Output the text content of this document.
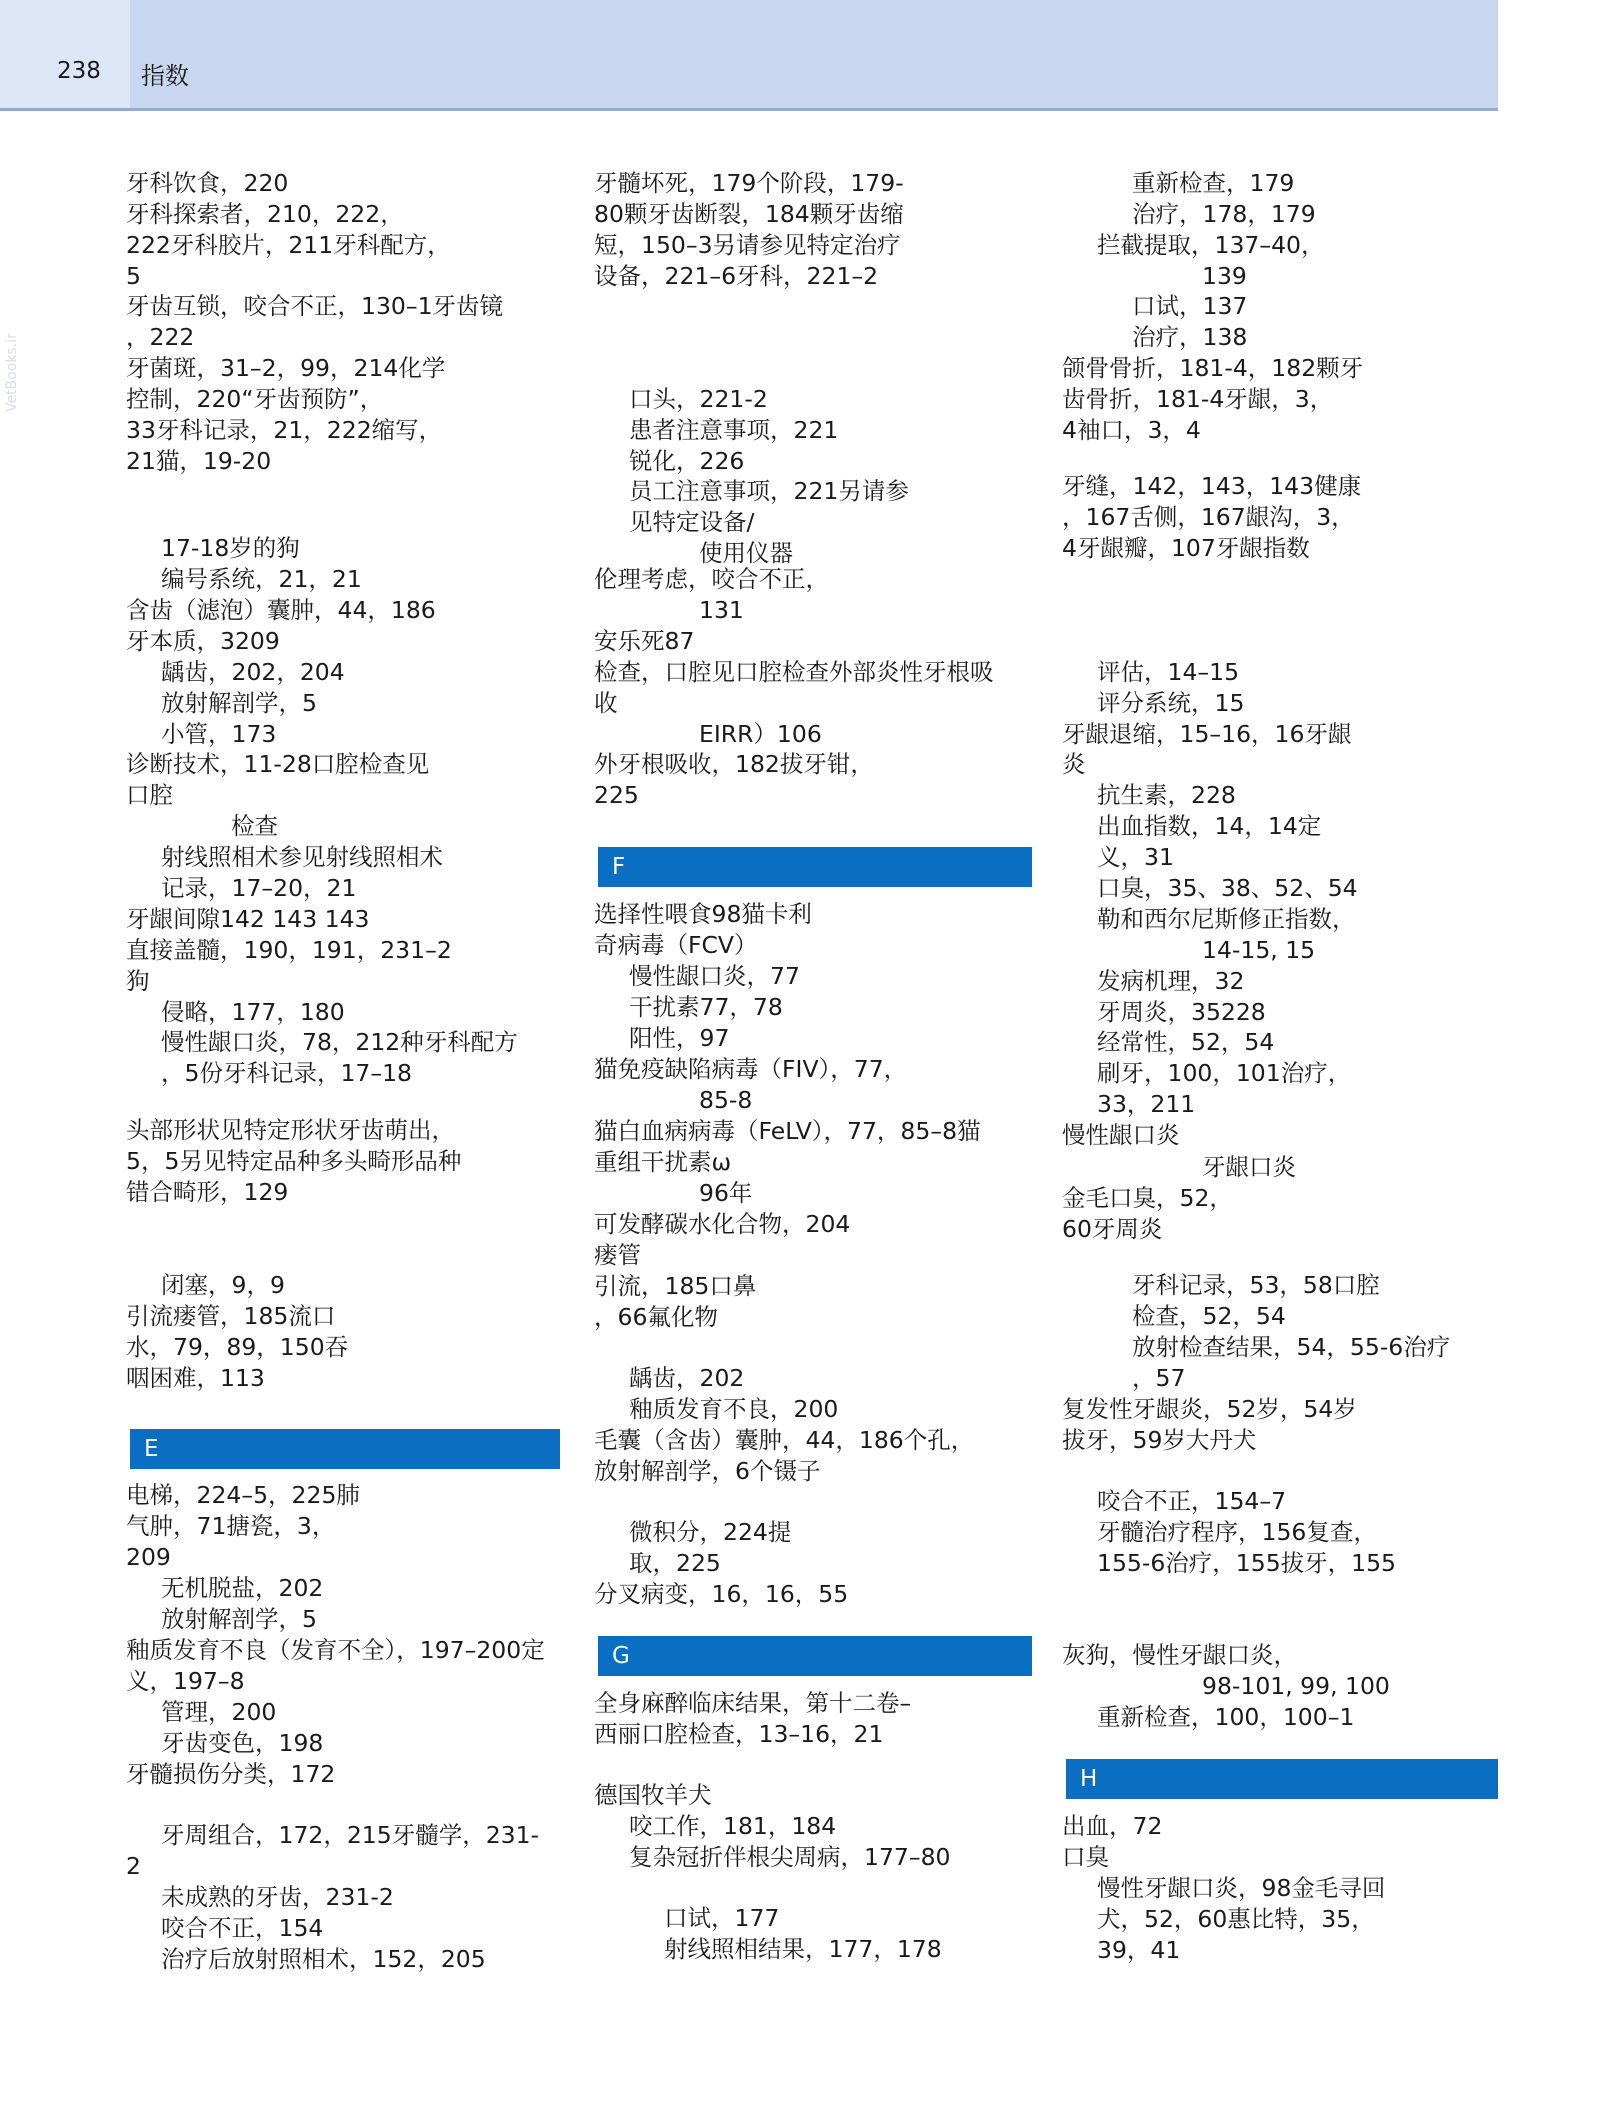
238 指数
VetBooks.ir
牙科饮食，220
牙科探索者，210，222，
222牙科胶片，211牙科配方，
5
牙齿互锁，咬合不正，130–1牙齿镜
，222
牙菌斑，31–2，99，214化学
控制，220“牙齿预防”，
33牙科记录，21，222缩写，
21猫，19-20
17-18岁的狗
编号系统，21，21
含齿（滤泡）囊肿，44，186
牙本质，3209
龋齿，202，204
放射解剖学，5
小管，173
诊断技术，11-28口腔检查见
口腔
检查
射线照相术参见射线照相术
记录，17–20，21
牙龈间隙142 143 143
直接盖髓，190，191，231–2
狗
侵略，177，180
慢性龈口炎，78，212种牙科配方
，5份牙科记录，17–18
头部形状见特定形状牙齿萌出，
5，5另见特定品种多头畸形品种
错合畸形，129
闭塞，9，9
引流瘘管，185流口
水，79，89，150吞
咽困难，113
E
电梯，224–5，225肺
气肿，71搪瓷，3，
209
无机脱盐，202
放射解剖学，5
釉质发育不良（发育不全），197–200定
义，197–8
管理，200
牙齿变色，198
牙髓损伤分类，172
牙周组合，172，215牙髓学，231-
2
未成熟的牙齿，231-2
咬合不正，154
治疗后放射照相术，152，205
牙髓坏死，179个阶段，179-
80颗牙齿断裂，184颗牙齿缩
短，150–3另请参见特定治疗
设备，221–6牙科，221–2
口头，221-2
患者注意事项，221
锐化，226
员工注意事项，221另请参
见特定设备/
使用仪器
伦理考虑，咬合不正，
131
安乐死87
检查，口腔见口腔检查外部炎性牙根吸
收
EIRR）106
外牙根吸收，182拔牙钳，
225
F
选择性喂食98猫卡利
奇病毒（FCV）
慢性龈口炎，77
干扰素77，78
阳性，97
猫免疫缺陷病毒（FIV），77，
85-8
猫白血病病毒（FeLV），77，85–8猫
重组干扰素ω
96年
可发酵碳水化合物，204
瘘管
引流，185口鼻
，66氟化物
龋齿，202
釉质发育不良，200
毛囊（含齿）囊肿，44，186个孔，
放射解剖学，6个镊子
微积分，224提
取，225
分叉病变，16，16，55
G
全身麻醉临床结果，第十二卷–
西丽口腔检查，13–16，21
德国牧羊犬
咬工作，181，184
复杂冠折伴根尖周病，177–80
口试，177
射线照相结果，177，178
重新检查，179
治疗，178，179
拦截提取，137–40，
139
口试，137
治疗，138
颌骨骨折，181-4，182颗牙
齿骨折，181-4牙龈，3，
4袖口，3，4
牙缝，142，143，143健康
，167舌侧，167龈沟，3，
4牙龈瓣，107牙龈指数
评估，14–15
评分系统，15
牙龈退缩，15–16，16牙龈
炎
抗生素，228
出血指数，14，14定
义，31
口臭，35、38、52、54
勒和西尔尼斯修正指数，
14-15, 15
发病机理，32
牙周炎，35228
经常性，52，54
刷牙，100，101治疗，
33，211
慢性龈口炎
牙龈口炎
金毛口臭，52，
60牙周炎
牙科记录，53，58口腔
检查，52，54
放射检查结果，54，55-6治疗
，57
复发性牙龈炎，52岁，54岁
拔牙，59岁大丹犬
咬合不正，154–7
牙髓治疗程序，156复查，
155-6治疗，155拔牙，155
灰狗，慢性牙龈口炎，
98-101, 99, 100
重新检查，100，100–1
H
出血，72
口臭
慢性牙龈口炎，98金毛寻回
犬，52，60惠比特，35，
39，41
